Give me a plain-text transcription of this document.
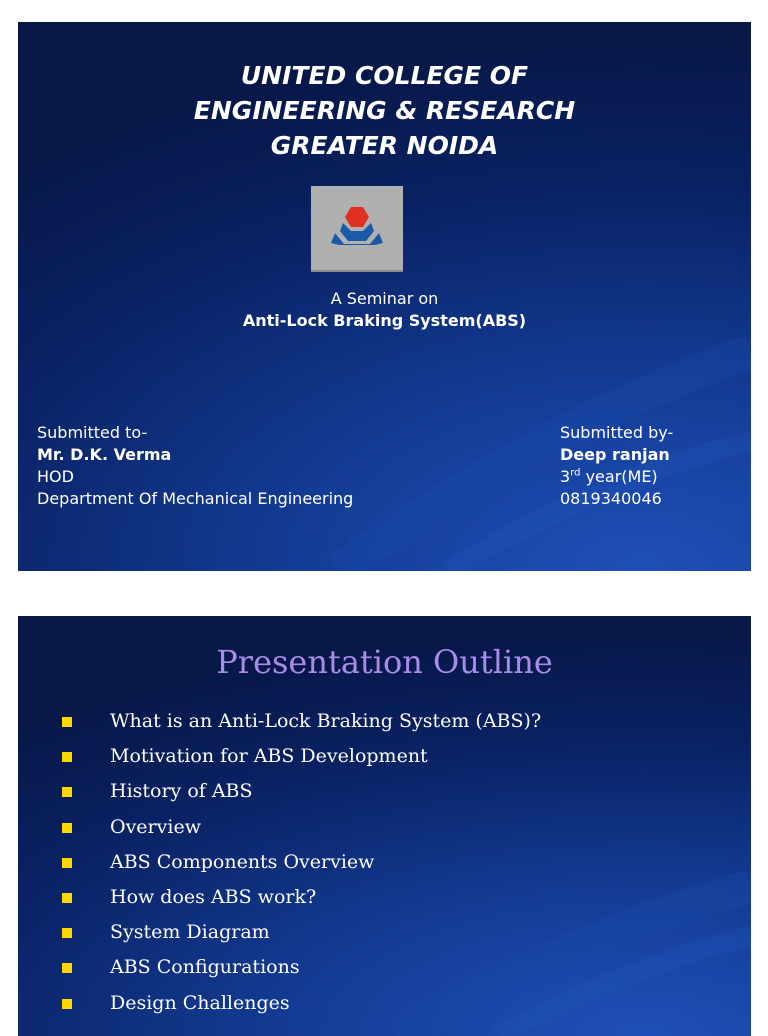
UNITED COLLEGE OF
ENGINEERING & RESEARCH
GREATER NOIDA
A Seminar on
Anti-Lock Braking System(ABS)
Submitted to-
Mr. D.K. Verma
HOD
Department Of Mechanical Engineering
Submitted by-
Deep ranjan
3rd year(ME)
0819340046
Presentation Outline
What is an Anti-Lock Braking System (ABS)?
Motivation for ABS Development
History of ABS
Overview
ABS Components Overview
How does ABS work?
System Diagram
ABS Configurations
Design Challenges
